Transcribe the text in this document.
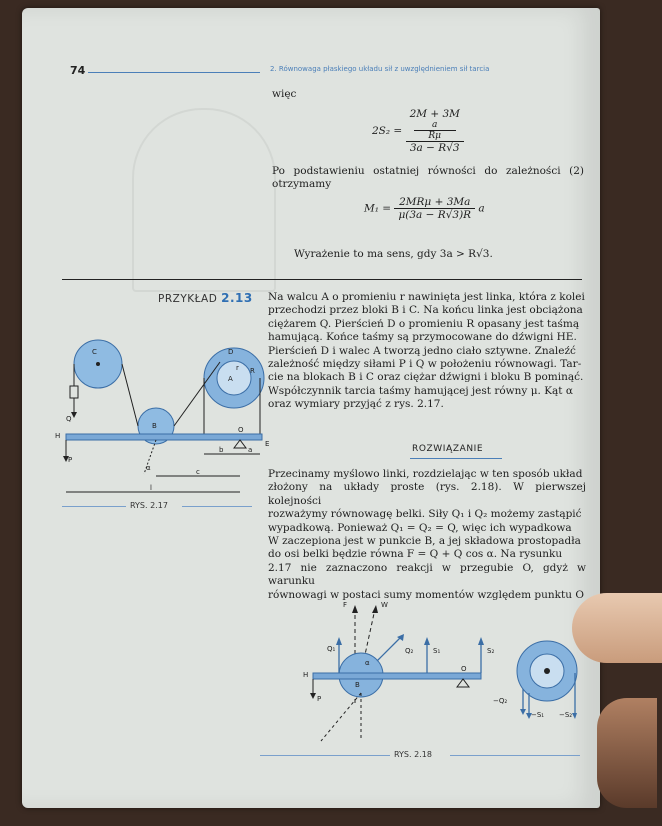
74	2. Równowaga płaskiego układu sił z uwzględnieniem sił tarcia
więc
2S₂ = 2M + 3M
a
Rμ
3a − R√3
Po podstawieniu ostatniej równości do zależności (2) otrzymamy
$M_1 = \frac{\text{2MRμ + 3Ma}}{\mu(3a - R√3)R}$ a
Wyrażenie to ma sens, gdy 3a > R√3.
PRZYKŁAD 2.13 Na walcu A o promieniu r nawinięta jest linka, która z kolei
przechodzi przez bloki B i C. Na końcu linka jest obciążona
ciężarem Q. Pierścień D o promieniu R opasany jest taśmą
hamującą. Końce taśmy są przymocowane do dźwigni HE.
Pierścień D i walec A tworzą jedno ciało sztywne. Znaleźć
zależność między siłami P i Q w położeniu równowagi. Tar-
cie na blokach B i C oraz ciężar dźwigni i bloku B pominąć.
Współczynnik tarcia taśmy hamującej jest równy μ. Kąt α
oraz wymiary przyjąć z rys. 2.17.
C
Q
B
D
A
r R
H
E
O
P
α
b	a
c
l
RYS. 2.17
ROZWIĄZANIE
Przecinamy myślowo linki, rozdzielając w ten sposób układ
złożony na układy proste (rys. 2.18). W pierwszej kolejności
rozważymy równowagę belki. Siły Q₁ i Q₂ możemy zastąpić
wypadkową. Ponieważ Q₁ = Q₂ = Q, więc ich wypadkowa
W zaczepiona jest w punkcie B, a jej składowa prostopadła
do osi belki będzie równa F = Q + Q cos α. Na rysunku
2.17 nie zaznaczono reakcji w przegubie O, gdyż w warunku
równowagi w postaci sumy momentów względem punktu O
F	W
B
Q₁	Q₂
α
H
P
S₁	S₂
O
−Q₂
−S₁ −S₂
RYS. 2.18
